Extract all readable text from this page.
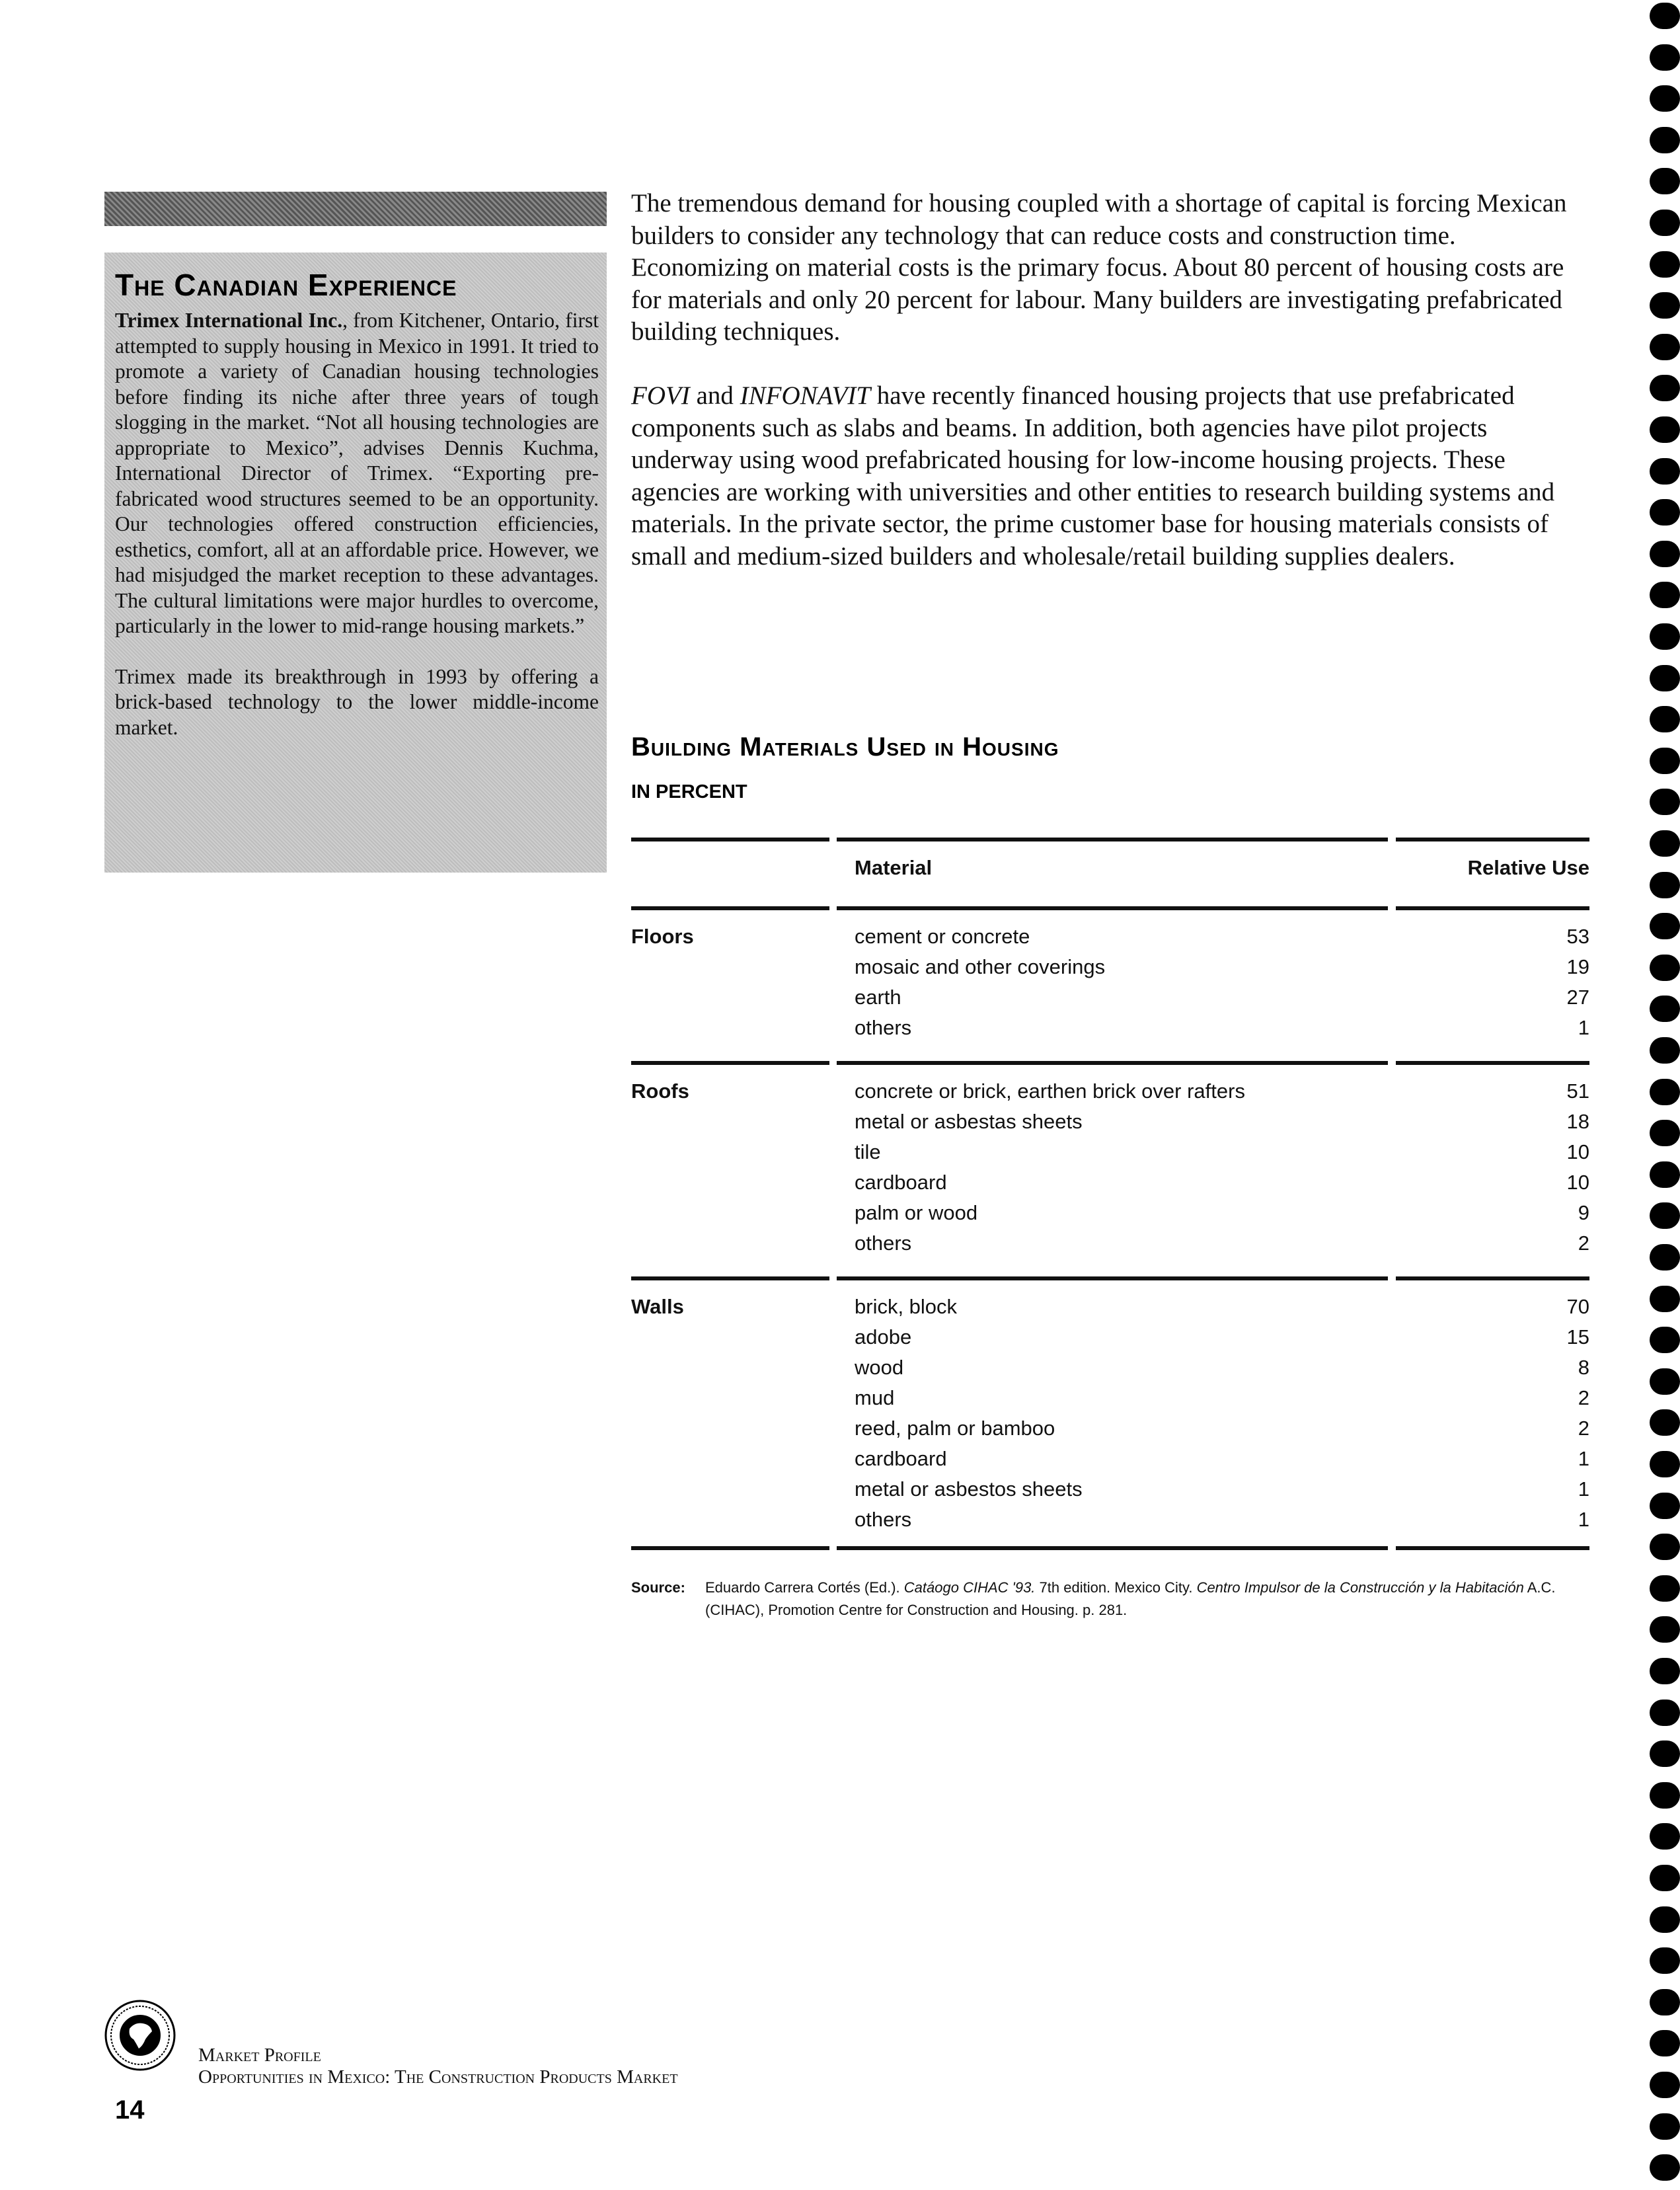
The Canadian Experience

Trimex International Inc., from Kitchener, Ontario, first attempted to supply housing in Mexico in 1991. It tried to promote a variety of Canadian housing technologies before finding its niche after three years of tough slogging in the market. “Not all housing technologies are appropriate to Mexico”, advises Dennis Kuchma, International Director of Trimex. “Exporting pre-fabricated wood structures seemed to be an opportunity. Our technologies offered construction efficiencies, esthetics, comfort, all at an affordable price. However, we had misjudged the market reception to these advantages. The cultural limitations were major hurdles to overcome, particularly in the lower to mid-range housing markets.”

Trimex made its breakthrough in 1993 by offering a brick-based technology to the lower middle-income market.

The tremendous demand for housing coupled with a shortage of capital is forcing Mexican builders to consider any technology that can reduce costs and construction time. Economizing on material costs is the primary focus. About 80 percent of housing costs are for materials and only 20 percent for labour. Many builders are investigating prefabricated building techniques.

FOVI and INFONAVIT have recently financed housing projects that use prefabricated components such as slabs and beams. In addition, both agencies have pilot projects underway using wood prefabricated housing for low-income housing projects. These agencies are working with universities and other entities to research building systems and materials. In the private sector, the prime customer base for housing materials consists of small and medium-sized builders and wholesale/retail building supplies dealers.

Building Materials Used in Housing
IN PERCENT
Material	Relative Use
Floors	cement or concrete	53
mosaic and other coverings	19
earth	27
others	1
Roofs	concrete or brick, earthen brick over rafters	51
metal or asbestas sheets	18
tile	10
cardboard	10
palm or wood	9
others	2
Walls	brick, block	70
adobe	15
wood	8
mud	2
reed, palm or bamboo	2
cardboard	1
metal or asbestos sheets	1
others	1
Source: Eduardo Carrera Cortés (Ed.). Catáogo CIHAC '93. 7th edition. Mexico City. Centro Impulsor de la Construcción y la Habitación A.C. (CIHAC), Promotion Centre for Construction and Housing. p. 281.
Market Profile
Opportunities in Mexico: The Construction Products Market
14
